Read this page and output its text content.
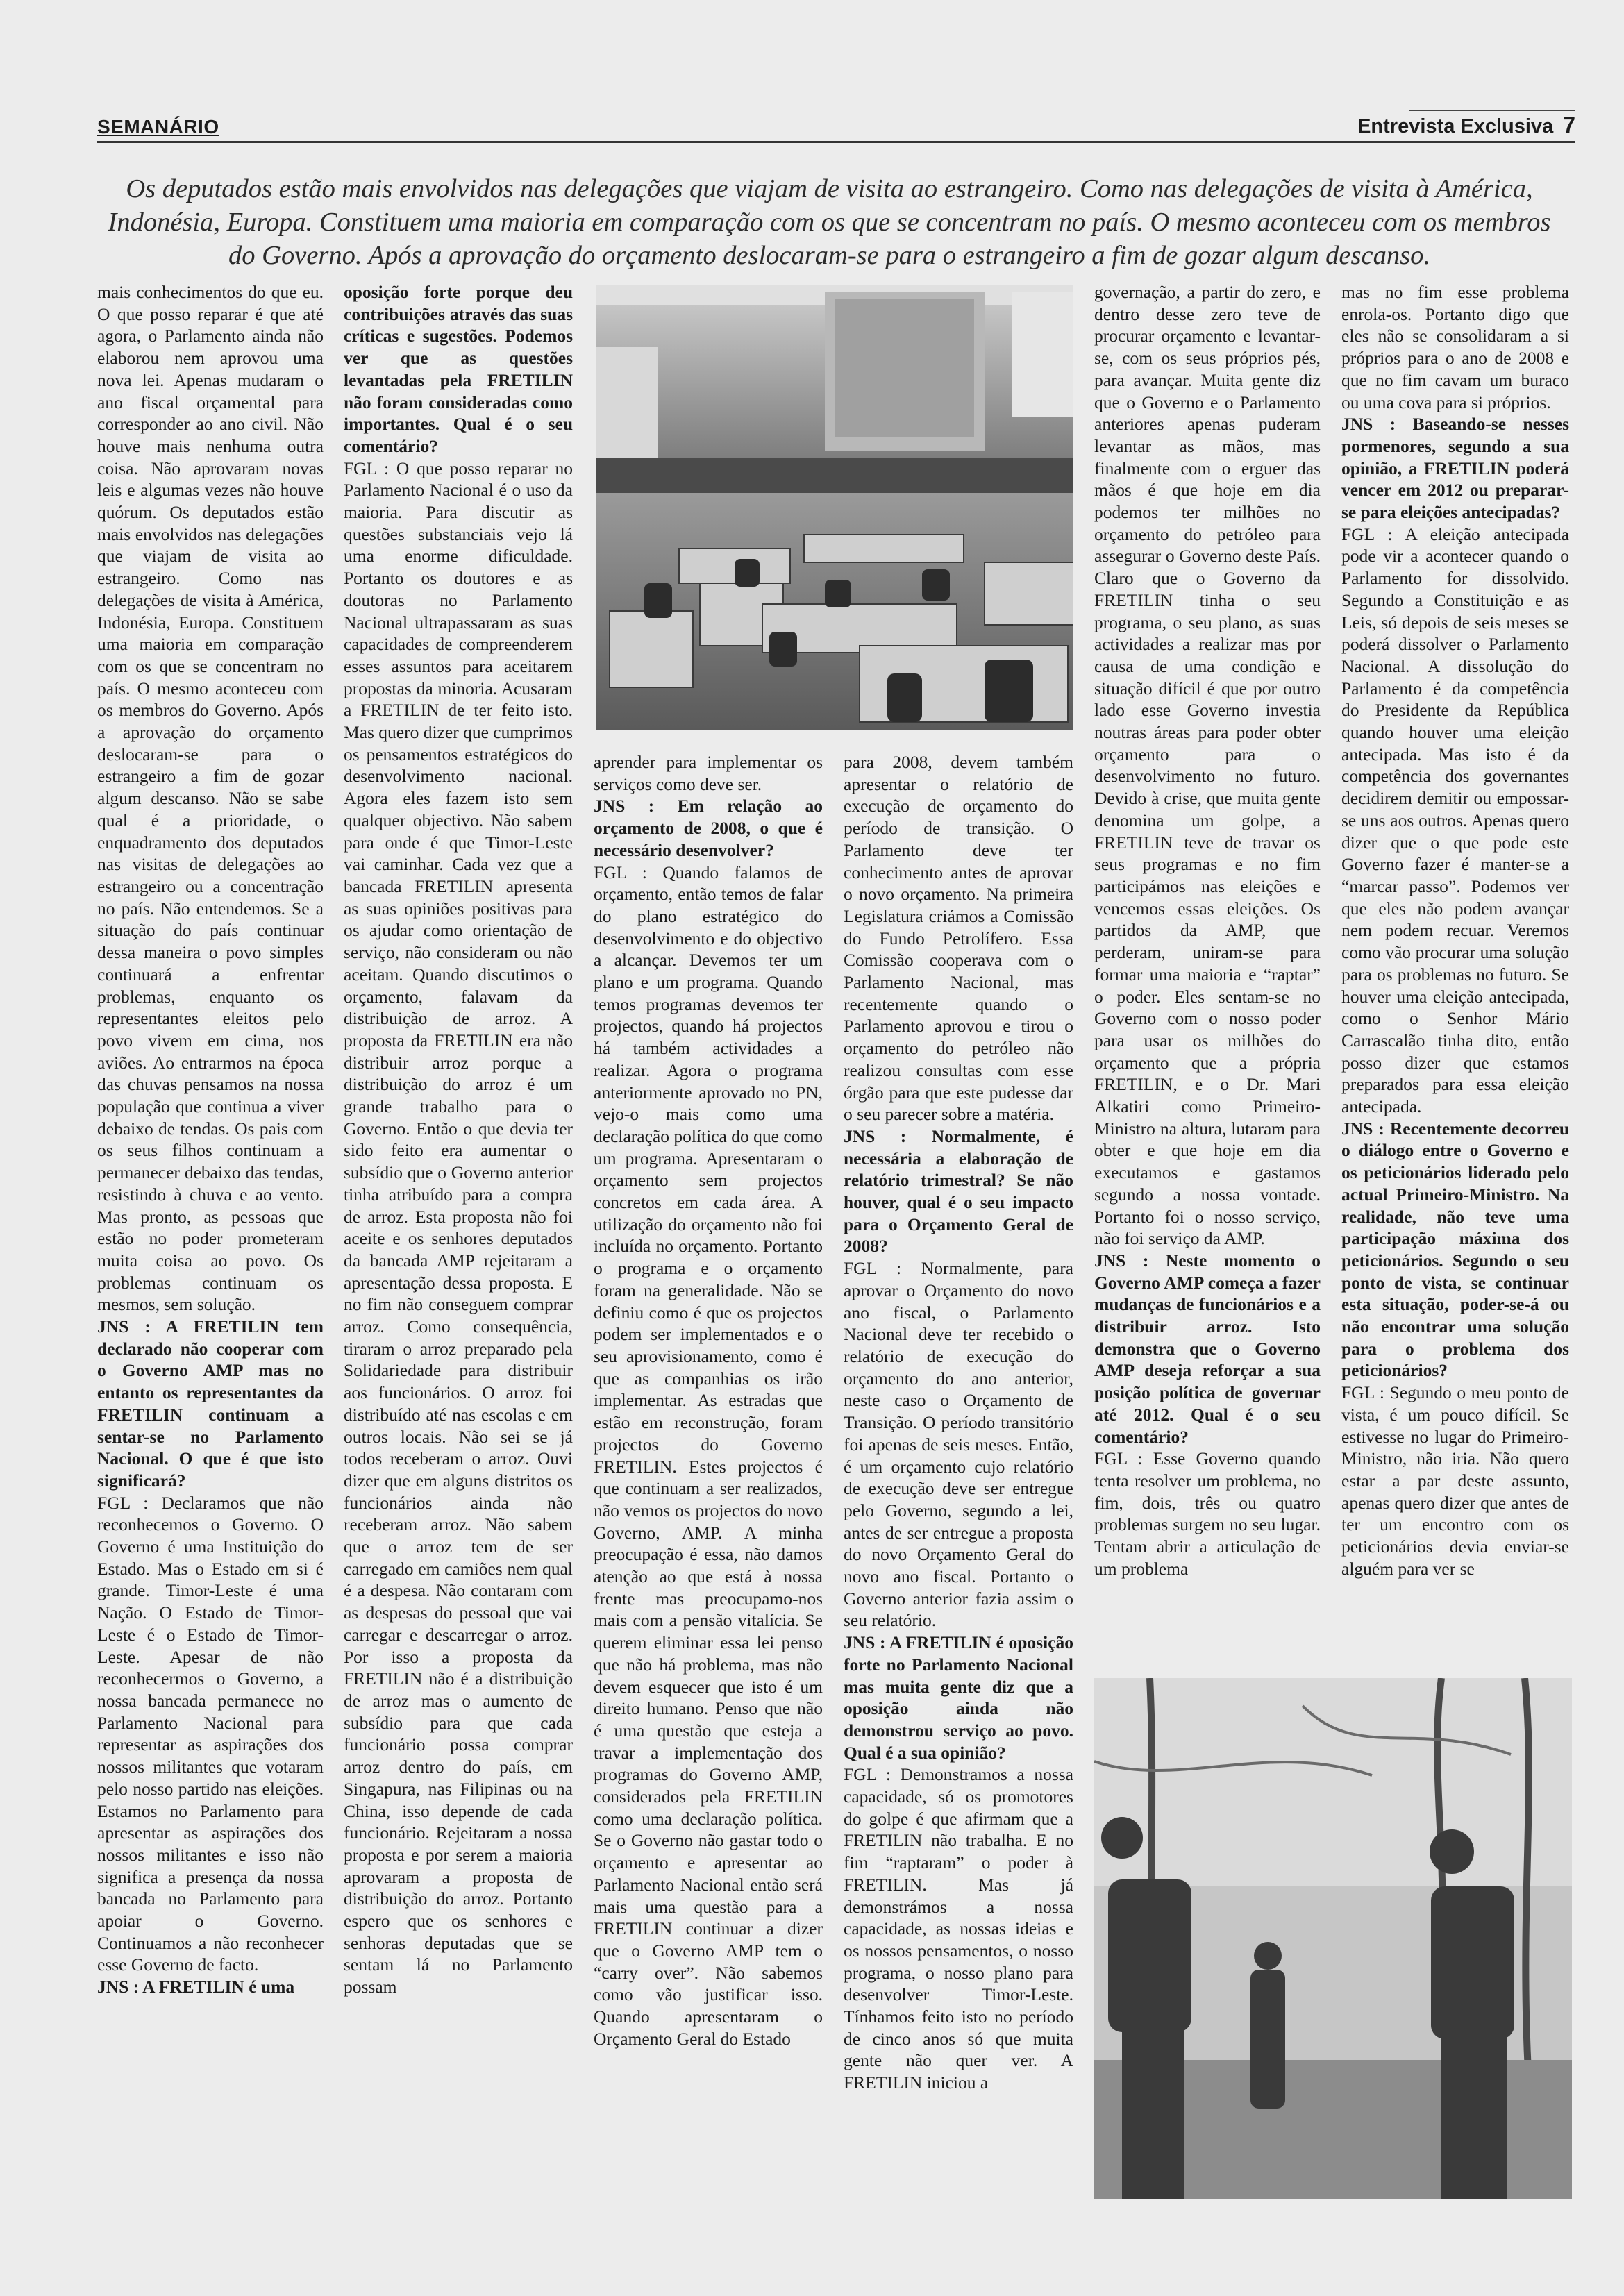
SEMANÁRIO	Entrevista Exclusiva 7
Os deputados estão mais envolvidos nas delegações que viajam de visita ao estrangeiro. Como nas delegações de visita à América, Indonésia, Europa. Constituem uma maioria em comparação com os que se concentram no país. O mesmo aconteceu com os membros do Governo. Após a aprovação do orçamento deslocaram-se para o estrangeiro a fim de gozar algum descanso.

mais conhecimentos do que eu. O que posso reparar é que até agora, o Parlamento ainda não elaborou nem aprovou uma nova lei. Apenas mudaram o ano fiscal orçamental para corresponder ao ano civil. Não houve mais nenhuma outra coisa. Não aprovaram novas leis e algumas vezes não houve quórum. Os deputados estão mais envolvidos nas delegações que viajam de visita ao estrangeiro. Como nas delegações de visita à América, Indonésia, Europa. Constituem uma maioria em comparação com os que se concentram no país. O mesmo aconteceu com os membros do Governo. Após a aprovação do orçamento deslocaram-se para o estrangeiro a fim de gozar algum descanso. Não se sabe qual é a prioridade, o enquadramento dos deputados nas visitas de delegações ao estrangeiro ou a concentração no país. Não entendemos. Se a situação do país continuar dessa maneira o povo simples continuará a enfrentar problemas, enquanto os representantes eleitos pelo povo vivem em cima, nos aviões. Ao entrarmos na época das chuvas pensamos na nossa população que continua a viver debaixo de tendas. Os pais com os seus filhos continuam a permanecer debaixo das tendas, resistindo à chuva e ao vento. Mas pronto, as pessoas que estão no poder prometeram muita coisa ao povo. Os problemas continuam os mesmos, sem solução.

JNS : A FRETILIN tem declarado não cooperar com o Governo AMP mas no entanto os representantes da FRETILIN continuam a sentar-se no Parlamento Nacional. O que é que isto significará?

FGL : Declaramos que não reconhecemos o Governo. O Governo é uma Instituição do Estado. Mas o Estado em si é grande. Timor-Leste é uma Nação. O Estado de Timor-Leste é o Estado de Timor-Leste. Apesar de não reconhecermos o Governo, a nossa bancada permanece no Parlamento Nacional para representar as aspirações dos nossos militantes que votaram pelo nosso partido nas eleições. Estamos no Parlamento para apresentar as aspirações dos nossos militantes e isso não significa a presença da nossa bancada no Parlamento para apoiar o Governo. Continuamos a não reconhecer esse Governo de facto.

JNS : A FRETILIN é uma

oposição forte porque deu contribuições através das suas críticas e sugestões. Podemos ver que as questões levantadas pela FRETILIN não foram consideradas como importantes. Qual é o seu comentário?

FGL : O que posso reparar no Parlamento Nacional é o uso da maioria. Para discutir as questões substanciais vejo lá uma enorme dificuldade. Portanto os doutores e as doutoras no Parlamento Nacional ultrapassaram as suas capacidades de compreenderem esses assuntos para aceitarem propostas da minoria. Acusaram a FRETILIN de ter feito isto. Mas quero dizer que cumprimos os pensamentos estratégicos do desenvolvimento nacional. Agora eles fazem isto sem qualquer objectivo. Não sabem para onde é que Timor-Leste vai caminhar. Cada vez que a bancada FRETILIN apresenta as suas opiniões positivas para os ajudar como orientação de serviço, não consideram ou não aceitam. Quando discutimos o orçamento, falavam da distribuição de arroz. A proposta da FRETILIN era não distribuir arroz porque a distribuição do arroz é um grande trabalho para o Governo. Então o que devia ter sido feito era aumentar o subsídio que o Governo anterior tinha atribuído para a compra de arroz. Esta proposta não foi aceite e os senhores deputados da bancada AMP rejeitaram a apresentação dessa proposta. E no fim não conseguem comprar arroz. Como consequência, tiraram o arroz preparado pela Solidariedade para distribuir aos funcionários. O arroz foi distribuído até nas escolas e em outros locais. Não sei se já todos receberam o arroz. Ouvi dizer que em alguns distritos os funcionários ainda não receberam arroz. Não sabem que o arroz tem de ser carregado em camiões nem qual é a despesa. Não contaram com as despesas do pessoal que vai carregar e descarregar o arroz. Por isso a proposta da FRETILIN não é a distribuição de arroz mas o aumento de subsídio para que cada funcionário possa comprar arroz dentro do país, em Singapura, nas Filipinas ou na China, isso depende de cada funcionário. Rejeitaram a nossa proposta e por serem a maioria aprovaram a proposta de distribuição do arroz. Portanto espero que os senhores e senhoras deputadas que se sentam lá no Parlamento possam

aprender para implementar os serviços como deve ser.

JNS : Em relação ao orçamento de 2008, o que é necessário desenvolver?

FGL : Quando falamos de orçamento, então temos de falar do plano estratégico do desenvolvimento e do objectivo a alcançar. Devemos ter um plano e um programa. Quando temos programas devemos ter projectos, quando há projectos há também actividades a realizar. Agora o programa anteriormente aprovado no PN, vejo-o mais como uma declaração política do que como um programa. Apresentaram o orçamento sem projectos concretos em cada área. A utilização do orçamento não foi incluída no orçamento. Portanto o programa e o orçamento foram na generalidade. Não se definiu como é que os projectos podem ser implementados e o seu aprovisionamento, como é que as companhias os irão implementar. As estradas que estão em reconstrução, foram projectos do Governo FRETILIN. Estes projectos é que continuam a ser realizados, não vemos os projectos do novo Governo, AMP. A minha preocupação é essa, não damos atenção ao que está à nossa frente mas preocupamo-nos mais com a pensão vitalícia. Se querem eliminar essa lei penso que não há problema, mas não devem esquecer que isto é um direito humano. Penso que não é uma questão que esteja a travar a implementação dos programas do Governo AMP, considerados pela FRETILIN como uma declaração política. Se o Governo não gastar todo o orçamento e apresentar ao Parlamento Nacional então será mais uma questão para a FRETILIN continuar a dizer que o Governo AMP tem o “carry over”. Não sabemos como vão justificar isso. Quando apresentaram o Orçamento Geral do Estado

para 2008, devem também apresentar o relatório de execução de orçamento do período de transição. O Parlamento deve ter conhecimento antes de aprovar o novo orçamento. Na primeira Legislatura criámos a Comissão do Fundo Petrolífero. Essa Comissão cooperava com o Parlamento Nacional, mas recentemente quando o Parlamento aprovou e tirou o orçamento do petróleo não realizou consultas com esse órgão para que este pudesse dar o seu parecer sobre a matéria.

JNS : Normalmente, é necessária a elaboração de relatório trimestral? Se não houver, qual é o seu impacto para o Orçamento Geral de 2008?

FGL : Normalmente, para aprovar o Orçamento do novo ano fiscal, o Parlamento Nacional deve ter recebido o relatório de execução do orçamento do ano anterior, neste caso o Orçamento de Transição. O período transitório foi apenas de seis meses. Então, é um orçamento cujo relatório de execução deve ser entregue pelo Governo, segundo a lei, antes de ser entregue a proposta do novo Orçamento Geral do novo ano fiscal. Portanto o Governo anterior fazia assim o seu relatório.

JNS : A FRETILIN é oposição forte no Parlamento Nacional mas muita gente diz que a oposição ainda não demonstrou serviço ao povo. Qual é a sua opinião?

FGL : Demonstramos a nossa capacidade, só os promotores do golpe é que afirmam que a FRETILIN não trabalha. E no fim “raptaram” o poder à FRETILIN. Mas já demonstrámos a nossa capacidade, as nossas ideias e os nossos pensamentos, o nosso programa, o nosso plano para desenvolver Timor-Leste. Tínhamos feito isto no período de cinco anos só que muita gente não quer ver. A FRETILIN iniciou a

governação, a partir do zero, e dentro desse zero teve de procurar orçamento e levantar-se, com os seus próprios pés, para avançar. Muita gente diz que o Governo e o Parlamento anteriores apenas puderam levantar as mãos, mas finalmente com o erguer das mãos é que hoje em dia podemos ter milhões no orçamento do petróleo para assegurar o Governo deste País. Claro que o Governo da FRETILIN tinha o seu programa, o seu plano, as suas actividades a realizar mas por causa de uma condição e situação difícil é que por outro lado esse Governo investia noutras áreas para poder obter orçamento para o desenvolvimento no futuro. Devido à crise, que muita gente denomina um golpe, a FRETILIN teve de travar os seus programas e no fim participámos nas eleições e vencemos essas eleições. Os partidos da AMP, que perderam, uniram-se para formar uma maioria e “raptar” o poder. Eles sentam-se no Governo com o nosso poder para usar os milhões do orçamento que a própria FRETILIN, e o Dr. Mari Alkatiri como Primeiro-Ministro na altura, lutaram para obter e que hoje em dia executamos e gastamos segundo a nossa vontade. Portanto foi o nosso serviço, não foi serviço da AMP.

JNS : Neste momento o Governo AMP começa a fazer mudanças de funcionários e a distribuir arroz. Isto demonstra que o Governo AMP deseja reforçar a sua posição política de governar até 2012. Qual é o seu comentário?

FGL : Esse Governo quando tenta resolver um problema, no fim, dois, três ou quatro problemas surgem no seu lugar. Tentam abrir a articulação de um problema

mas no fim esse problema enrola-os. Portanto digo que eles não se consolidaram a si próprios para o ano de 2008 e que no fim cavam um buraco ou uma cova para si próprios.

JNS : Baseando-se nesses pormenores, segundo a sua opinião, a FRETILIN poderá vencer em 2012 ou preparar-se para eleições antecipadas?

FGL : A eleição antecipada pode vir a acontecer quando o Parlamento for dissolvido. Segundo a Constituição e as Leis, só depois de seis meses se poderá dissolver o Parlamento Nacional. A dissolução do Parlamento é da competência do Presidente da República quando houver uma eleição antecipada. Mas isto é da competência dos governantes decidirem demitir ou empossar-se uns aos outros. Apenas quero dizer que o que pode este Governo fazer é manter-se a “marcar passo”. Podemos ver que eles não podem avançar nem podem recuar. Veremos como vão procurar uma solução para os problemas no futuro. Se houver uma eleição antecipada, como o Senhor Mário Carrascalão tinha dito, então posso dizer que estamos preparados para essa eleição antecipada.

JNS : Recentemente decorreu o diálogo entre o Governo e os peticionários liderado pelo actual Primeiro-Ministro. Na realidade, não teve uma participação máxima dos peticionários. Segundo o seu ponto de vista, se continuar esta situação, poder-se-á ou não encontrar uma solução para o problema dos peticionários?

FGL : Segundo o meu ponto de vista, é um pouco difícil. Se estivesse no lugar do Primeiro-Ministro, não iria. Não quero estar a par deste assunto, apenas quero dizer que antes de ter um encontro com os peticionários devia enviar-se alguém para ver se
